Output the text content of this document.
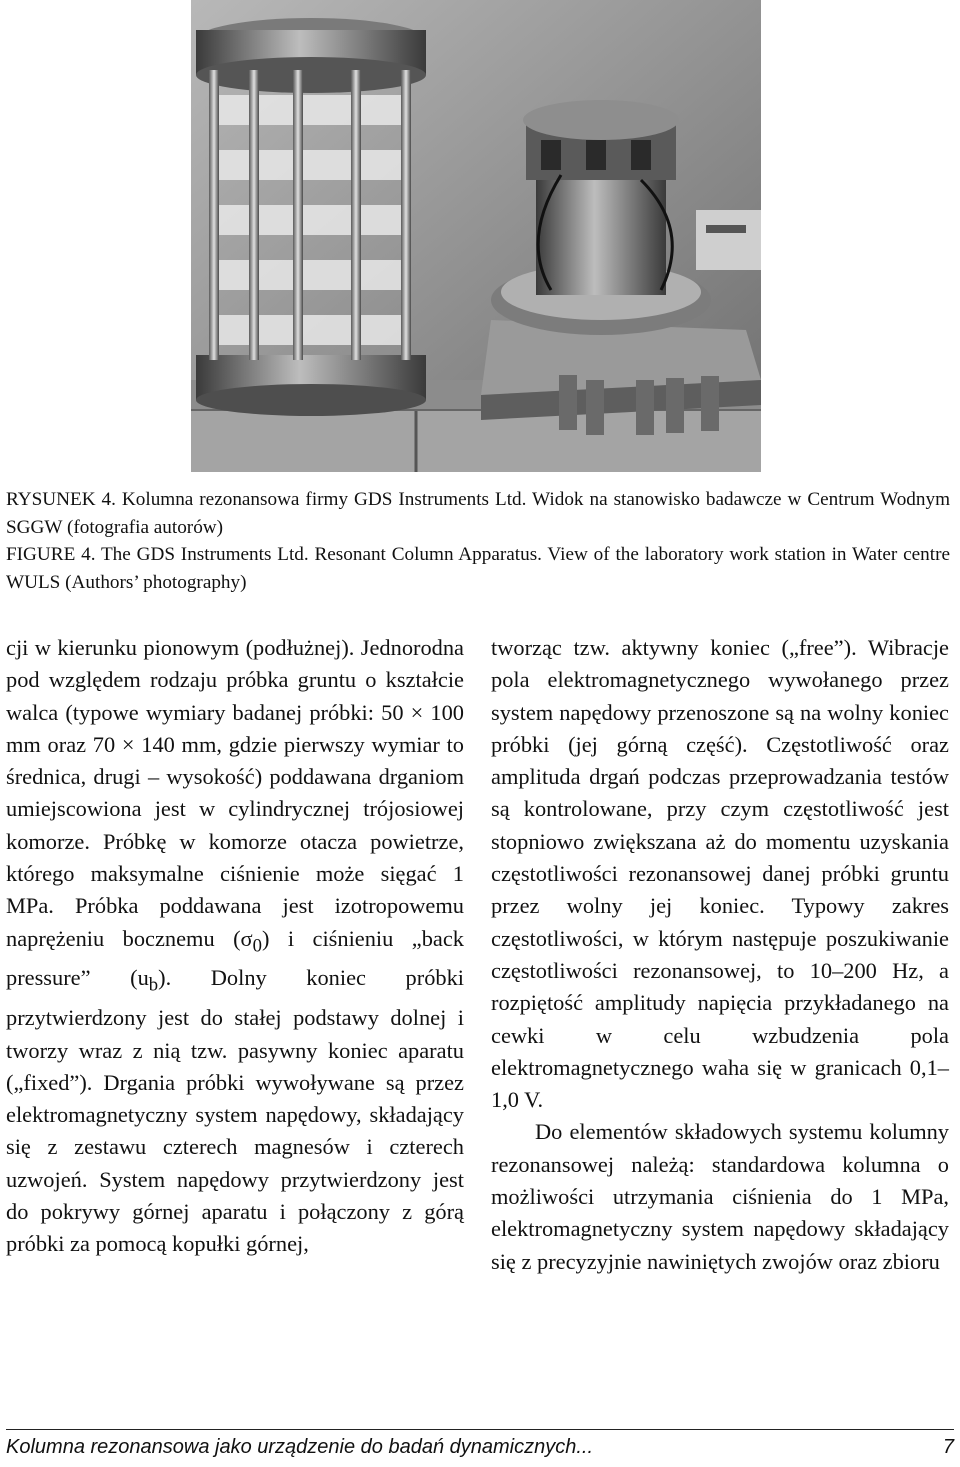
RYSUNEK 4. Kolumna rezonansowa firmy GDS Instruments Ltd. Widok na stanowisko badawcze w Centrum Wodnym SGGW (fotografia autorów)

FIGURE 4. The GDS Instruments Ltd. Resonant Column Apparatus. View of the laboratory work station in Water centre WULS (Authors’ photography)

cji w kierunku pionowym (podłużnej). Jednorodna pod względem rodzaju próbka gruntu o kształcie walca (typowe wymiary badanej próbki: 50 × 100 mm oraz 70 × 140 mm, gdzie pierwszy wymiar to średnica, drugi – wysokość) poddawana drganiom umiejscowiona jest w cylindrycznej trójosiowej komorze. Próbkę w komorze otacza powietrze, którego maksymalne ciśnienie może sięgać 1 MPa. Próbka poddawana jest izotropowemu naprężeniu bocznemu $(\sigma_0)$ i ciśnieniu „back pressure” $(u_b)$. Dolny koniec próbki przytwierdzony jest do stałej podstawy dolnej i tworzy wraz z nią tzw. pasywny koniec aparatu („fixed”). Drgania próbki wywoływane są przez elektromagnetyczny system napędowy, składający się z zestawu czterech magnesów i czterech uzwojeń. System napędowy przytwierdzony jest do pokrywy górnej aparatu i połączony z górą próbki za pomocą kopułki górnej,

tworząc tzw. aktywny koniec („free”). Wibracje pola elektromagnetycznego wywołanego przez system napędowy przenoszone są na wolny koniec próbki (jej górną część). Częstotliwość oraz amplituda drgań podczas przeprowadzania testów są kontrolowane, przy czym częstotliwość jest stopniowo zwiększana aż do momentu uzyskania częstotliwości rezonansowej danej próbki gruntu przez wolny jej koniec. Typowy zakres częstotliwości, w którym następuje poszukiwanie częstotliwości rezonansowej, to 10–200 Hz, a rozpiętość amplitudy napięcia przykładanego na cewki w celu wzbudzenia pola elektromagnetycznego waha się w granicach 0,1–1,0 V.

Do elementów składowych systemu kolumny rezonansowej należą: standardowa kolumna o możliwości utrzymania ciśnienia do 1 MPa, elektromagnetyczny system napędowy składający się z precyzyjnie nawiniętych zwojów oraz zbioru

Kolumna rezonansowa jako urządzenie do badań dynamicznych...	7
